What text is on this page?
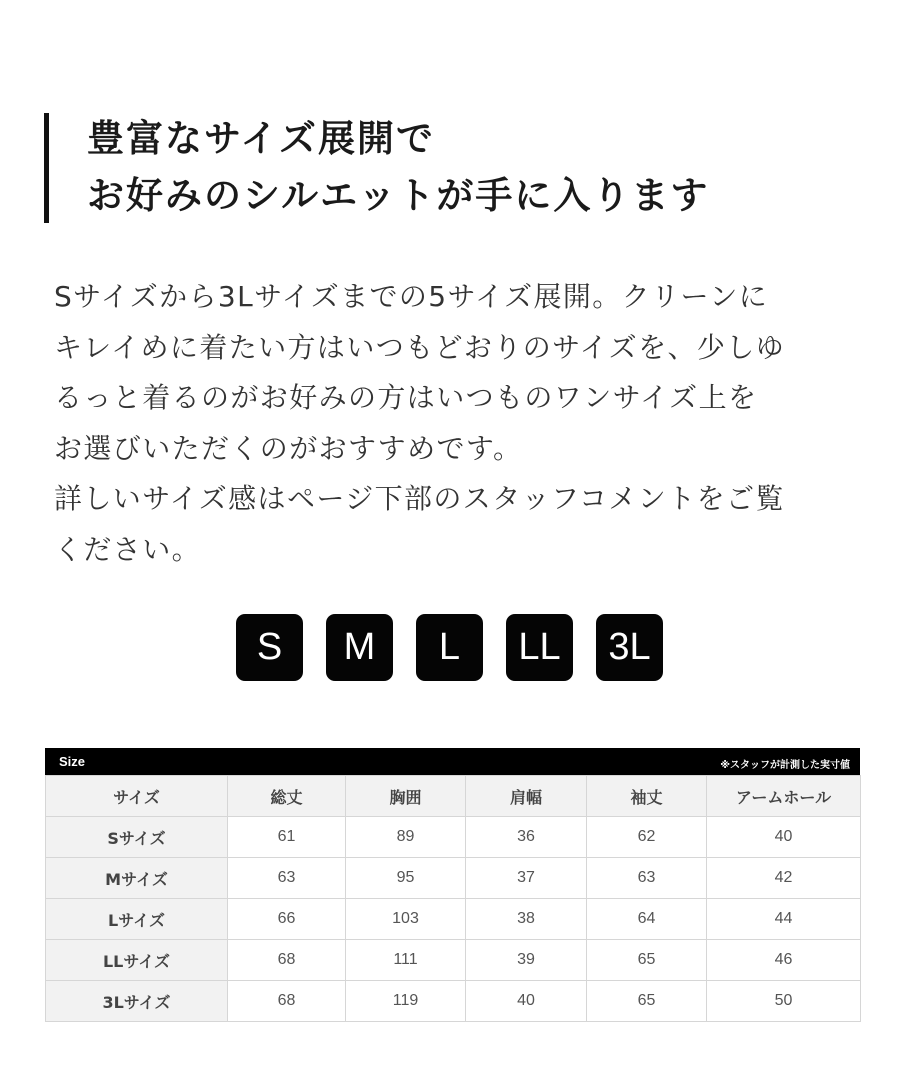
豊富なサイズ展開で
お好みのシルエットが手に入ります
Sサイズから3Lサイズまでの5サイズ展開。クリーンに
キレイめに着たい方はいつもどおりのサイズを、少しゆ
るっと着るのがお好みの方はいつものワンサイズ上を
お選びいただくのがおすすめです。
詳しいサイズ感はページ下部のスタッフコメントをご覧
ください。
S	M	L	LL	3L
Size	※スタッフが計測した実寸値
サイズ	総丈	胸囲	肩幅	袖丈	アームホール
Sサイズ	61	89	36	62	40
Mサイズ	63	95	37	63	42
Lサイズ	66	103	38	64	44
LLサイズ	68	111	39	65	46
3Lサイズ	68	119	40	65	50
